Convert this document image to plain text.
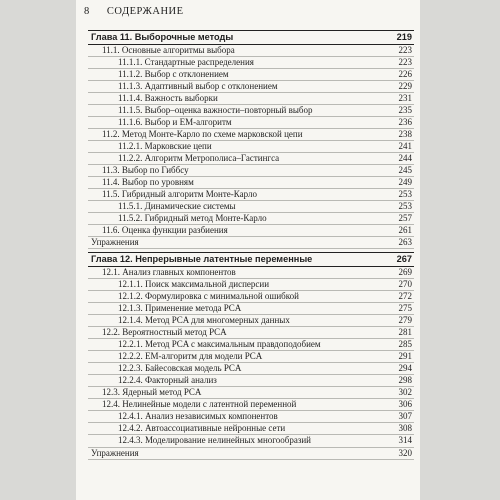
8 СОДЕРЖАНИЕ
Глава 11. Выборочные методы	219
11.1. Основные алгоритмы выбора	223
11.1.1. Стандартные распределения	223
11.1.2. Выбор с отклонением	226
11.1.3. Адаптивный выбор с отклонением	229
11.1.4. Важность выборки	231
11.1.5. Выбор–оценка важности–повторный выбор	235
11.1.6. Выбор и ЕМ-алгоритм	236
11.2. Метод Монте-Карло по схеме марковской цепи	238
11.2.1. Марковские цепи	241
11.2.2. Алгоритм Метрополиса–Гастингса	244
11.3. Выбор по Гиббсу	245
11.4. Выбор по уровням	249
11.5. Гибридный алгоритм Монте-Карло	253
11.5.1. Динамические системы	253
11.5.2. Гибридный метод Монте-Карло	257
11.6. Оценка функции разбиения	261
Упражнения	263
Глава 12. Непрерывные латентные переменные	267
12.1. Анализ главных компонентов	269
12.1.1. Поиск максимальной дисперсии	270
12.1.2. Формулировка с минимальной ошибкой	272
12.1.3. Применение метода PCA	275
12.1.4. Метод PCA для многомерных данных	279
12.2. Вероятностный метод PCA	281
12.2.1. Метод PCA с максимальным правдоподобием	285
12.2.2. ЕМ-алгоритм для модели PCA	291
12.2.3. Байесовская модель PCA	294
12.2.4. Факторный анализ	298
12.3. Ядерный метод PCA	302
12.4. Нелинейные модели с латентной переменной	306
12.4.1. Анализ независимых компонентов	307
12.4.2. Автоассоциативные нейронные сети	308
12.4.3. Моделирование нелинейных многообразий	314
Упражнения	320
